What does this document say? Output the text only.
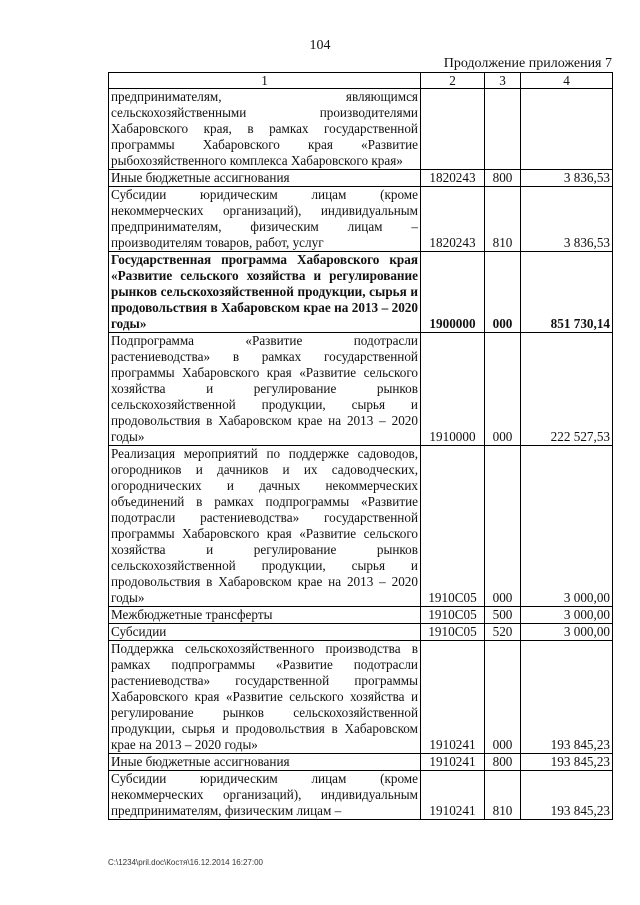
104
Продолжение приложения 7
1	2	3	4
предпринимателям, являющимся сельскохозяйственными производителями Хабаровского края, в рамках государственной программы Хабаровского края «Развитие рыбохозяйственного комплекса Хабаровского края»			
Иные бюджетные ассигнования	1820243	800	3 836,53
Субсидии юридическим лицам (кроме некоммерческих организаций), индивидуальным предпринимателям, физическим лицам – производителям товаров, работ, услуг	1820243	810	3 836,53
Государственная программа Хабаровского края «Развитие сельского хозяйства и регулирование рынков сельскохозяйственной продукции, сырья и продовольствия в Хабаровском крае на 2013 – 2020 годы»	1900000	000	851 730,14
Подпрограмма «Развитие подотрасли растениеводства» в рамках государственной программы Хабаровского края «Развитие сельского хозяйства и регулирование рынков сельскохозяйственной продукции, сырья и продовольствия в Хабаровском крае на 2013 – 2020 годы»	1910000	000	222 527,53
Реализация мероприятий по поддержке садоводов, огородников и дачников и их садоводческих, огороднических и дачных некоммерческих объединений в рамках подпрограммы «Развитие подотрасли растениеводства» государственной программы Хабаровского края «Развитие сельского хозяйства и регулирование рынков сельскохозяйственной продукции, сырья и продовольствия в Хабаровском крае на 2013 – 2020 годы»	1910С05	000	3 000,00
Межбюджетные трансферты	1910С05	500	3 000,00
Субсидии	1910С05	520	3 000,00
Поддержка сельскохозяйственного производства в рамках подпрограммы «Развитие подотрасли растениеводства» государственной программы Хабаровского края «Развитие сельского хозяйства и регулирование рынков сельскохозяйственной продукции, сырья и продовольствия в Хабаровском крае на 2013 – 2020 годы»	1910241	000	193 845,23
Иные бюджетные ассигнования	1910241	800	193 845,23
Субсидии юридическим лицам (кроме некоммерческих организаций), индивидуальным предпринимателям, физическим лицам –	1910241	810	193 845,23
C:\1234\pril.doc\Костя\16.12.2014 16:27:00
